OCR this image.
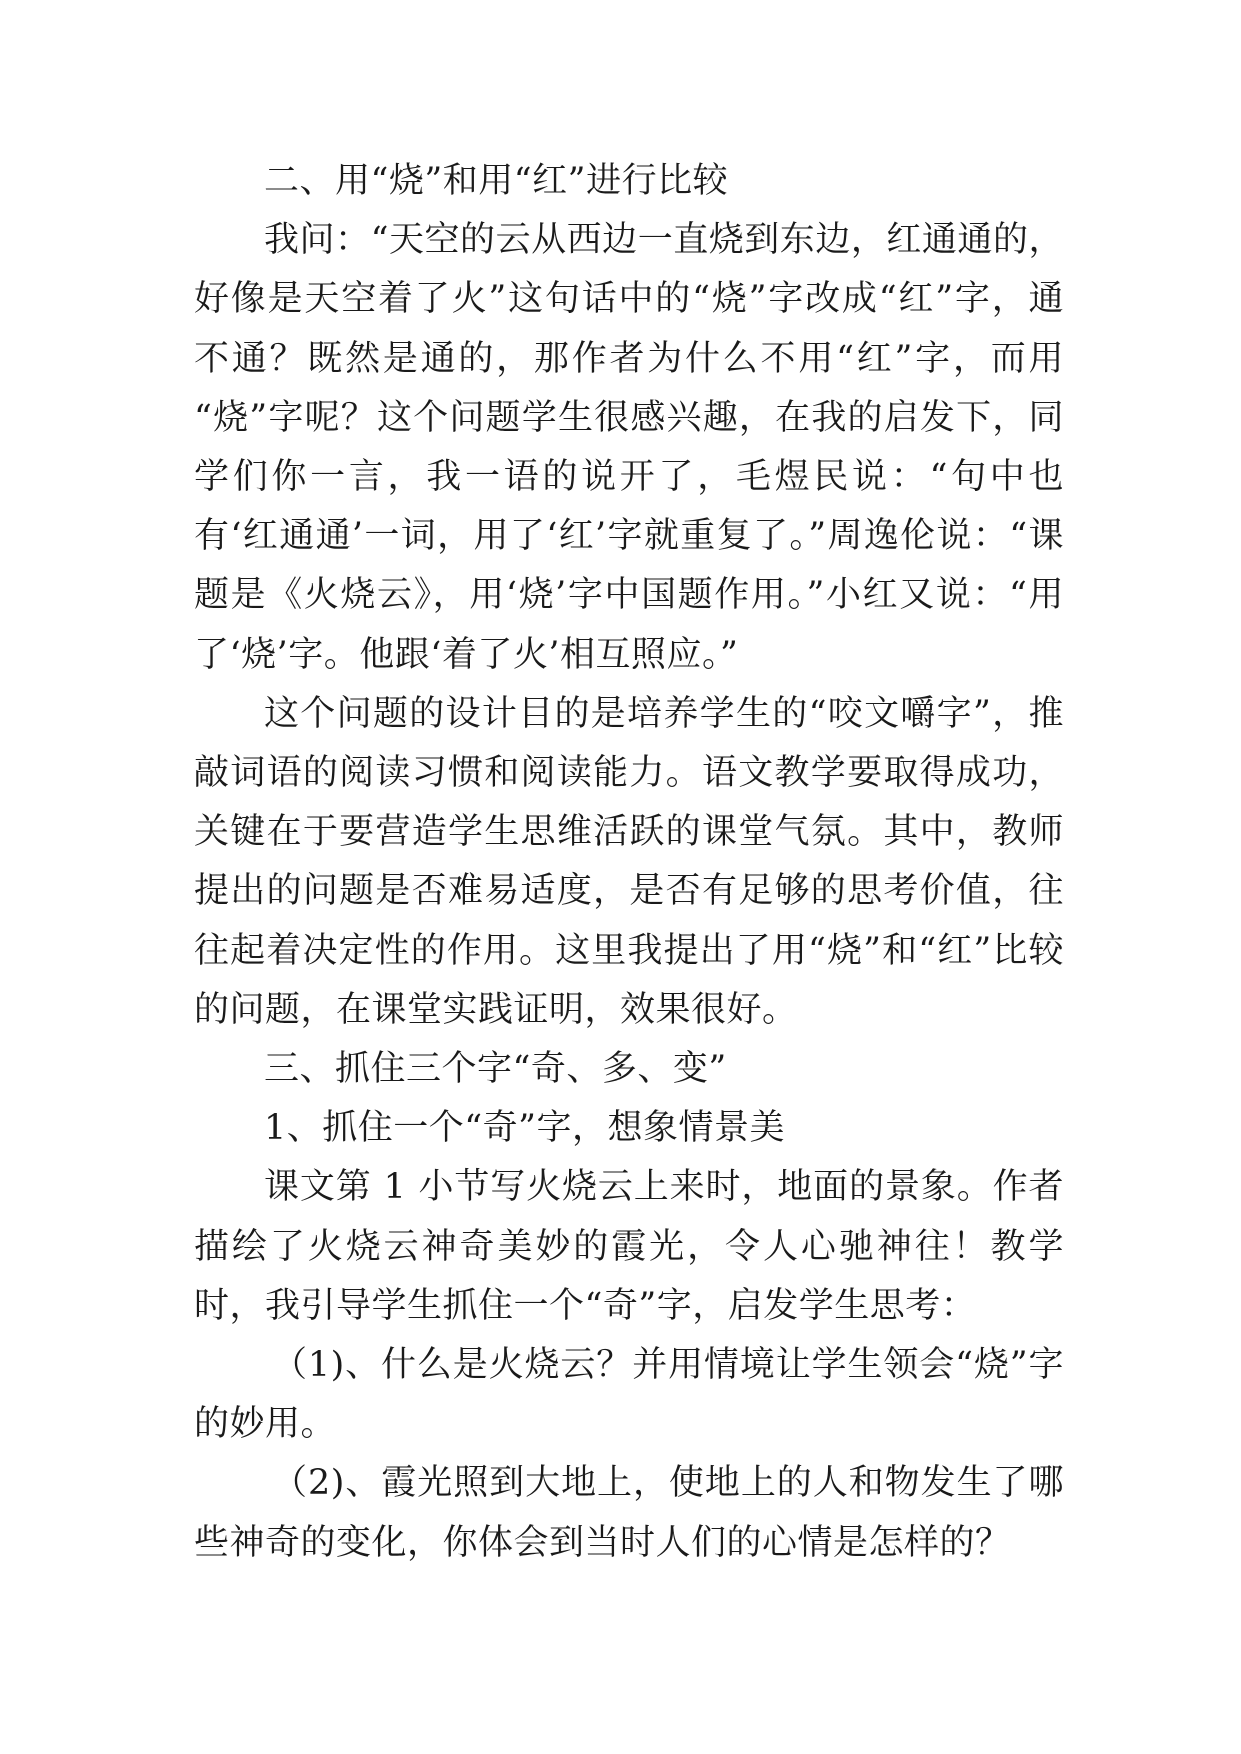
二、用“烧”和用“红”进行比较

我问：“天空的云从西边一直烧到东边，红通通的，好像是天空着了火”这句话中的“烧”字改成“红”字，通不通？既然是通的，那作者为什么不用“红”字，而用 “烧”字呢？这个问题学生很感兴趣，在我的启发下，同学们你一言，我一语的说开了，毛煜民说：“句中也有‘红通通’一词，用了‘红’字就重复了。”周逸伦说：“课题是《火烧云》，用‘烧’字中国题作用。”小红又说：“用了‘烧’字。他跟‘着了火’相互照应。”

这个问题的设计目的是培养学生的“咬文嚼字”，推敲词语的阅读习惯和阅读能力。语文教学要取得成功，关键在于要营造学生思维活跃的课堂气氛。其中，教师提出的问题是否难易适度，是否有足够的思考价值，往往起着决定性的作用。这里我提出了用“烧”和“红”比较的问题，在课堂实践证明，效果很好。

三、抓住三个字“奇、多、变”

1、抓住一个“奇”字，想象情景美

课文第 1 小节写火烧云上来时，地面的景象。作者描绘了火烧云神奇美妙的霞光，令人心驰神往！教学时，我引导学生抓住一个“奇”字，启发学生思考：

（1)、什么是火烧云？并用情境让学生领会“烧”字的妙用。

（2)、霞光照到大地上，使地上的人和物发生了哪些神奇的变化，你体会到当时人们的心情是怎样的？
